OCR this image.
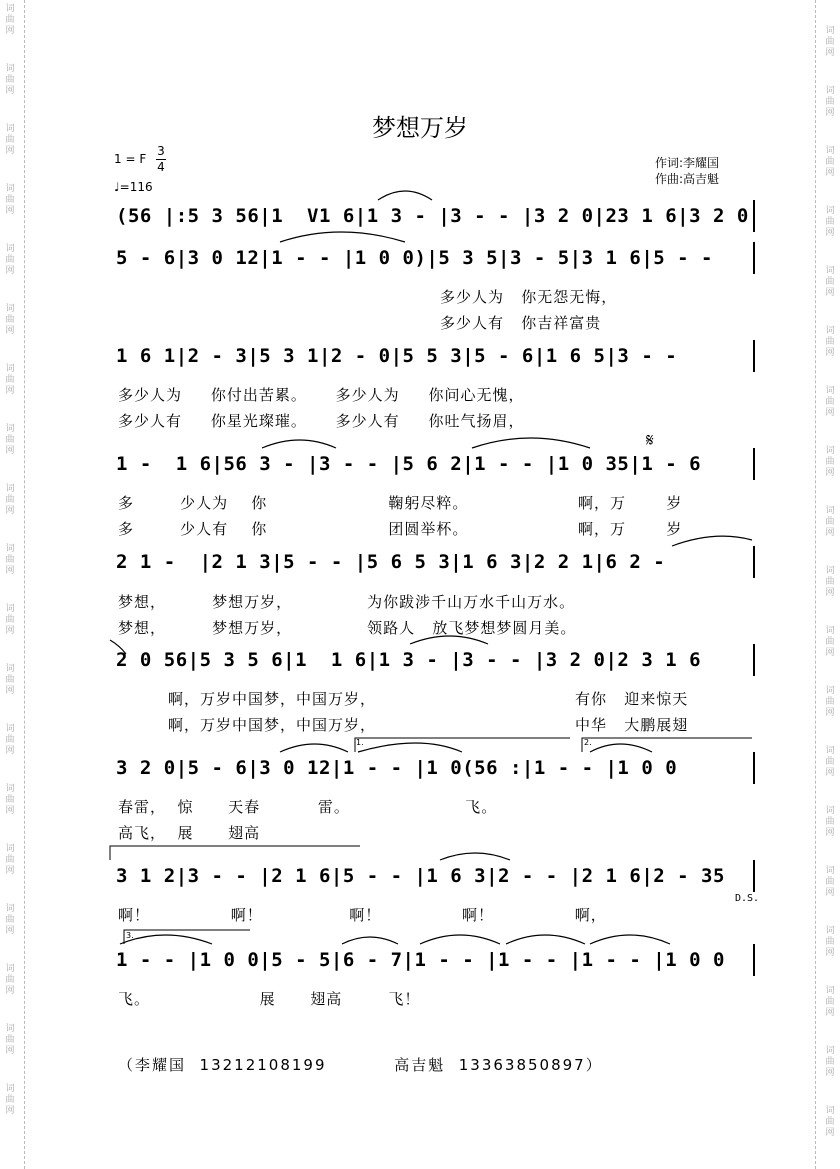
词
曲
网
词
曲
网
词
曲
网
词
曲
网
词
曲
网
词
曲
网
词
曲
网
词
曲
网
词
曲
网
词
曲
网
词
曲
网
词
曲
网
词
曲
网
词
曲
网
词
曲
网
词
曲
网
词
曲
网
词
曲
网
词
曲
网
词
曲
网
词
曲
网
词
曲
网
词
曲
网
词
曲
网
词
曲
网
词
曲
网
词
曲
网
词
曲
网
词
曲
网
词
曲
网
词
曲
网
词
曲
网
词
曲
网
词
曲
网
词
曲
网
词
曲
网
词
曲
网
词
曲
网
梦想万岁
1 = F
3
4
♩=116
作词:李耀国
作曲:高吉魁
(56 |:5 3 56|1  V1 6|1 3 - |3 - - |3 2 0|23 1 6|3 2 0
5 - 6|3 0 12|1 - - |1 0 0)|5 3 5|3 - 5|3 1 6|5 - -
1 6 1|2 - 3|5 3 1|2 - 0|5 5 3|5 - 6|1 6 5|3 - -
1 -  1 6|56 3 - |3 - - |5 6 2|1 - - |1 0 35|1 - 6
2 1 -  |2 1 3|5 - - |5 6 5 3|1 6 3|2 2 1|6 2 -
2 0 56|5 3 5 6|1  1 6|1 3 - |3 - - |3 2 0|2 3 1 6
3 2 0|5 - 6|3 0 12|1 - - |1 0(56 :|1 - - |1 0 0
3 1 2|3 - - |2 1 6|5 - - |1 6 3|2 - - |2 1 6|2 - 35
1 - - |1 0 0|5 - 5|6 - 7|1 - - |1 - - |1 - - |1 0 0
多少人为   你无怨无悔，
多少人有   你吉祥富贵
多少人为     你付出苦累。     多少人为     你问心无愧，
多少人有     你星光璨璀。     多少人有     你吐气扬眉，
多        少人为    你                     鞠躬尽粹。                   啊，万       岁
多        少人有    你                     团圆举杯。                   啊，万       岁
梦想，        梦想万岁，             为你跋涉千山万水千山万水。
梦想，        梦想万岁，             领路人   放飞梦想梦圆月美。
啊，万岁中国梦，中国万岁，	有你   迎来惊天
啊，万岁中国梦，中国万岁，	中华   大鹏展翅
春雷，  惊      天春          雷。                    飞。
高飞，  展      翅高
啊！              啊！               啊！              啊！              啊，
飞。                   展      翅高        飞！
D.S.
（李耀国  13212108199          高吉魁  13363850897）
1.	2.
3.
𝄋
